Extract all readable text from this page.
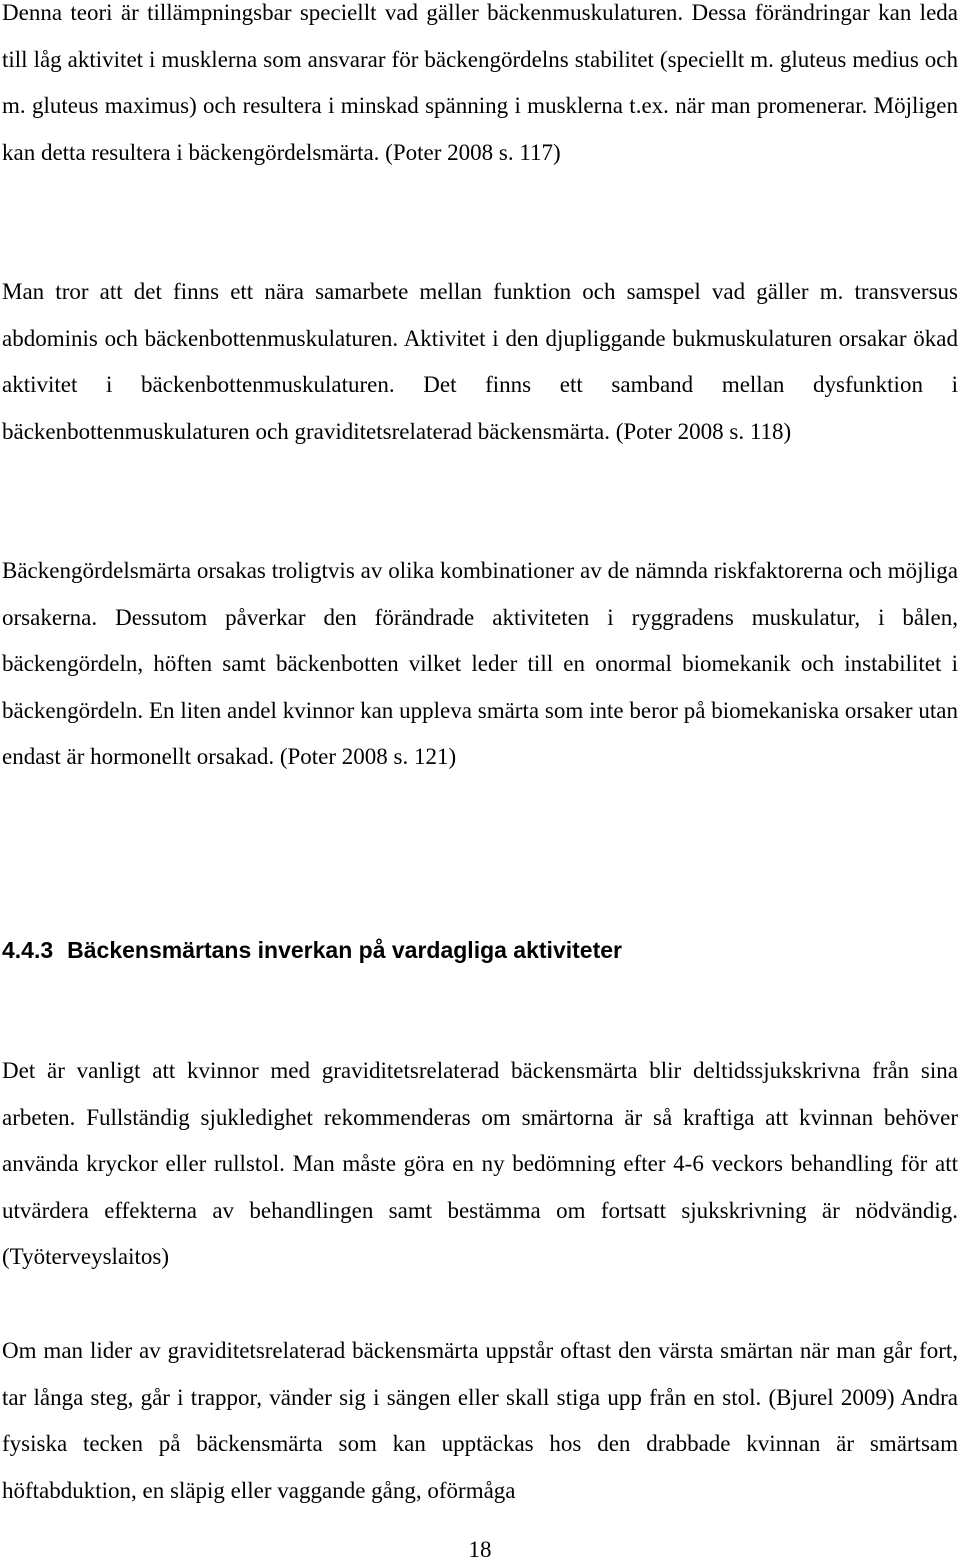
Denna teori är tillämpningsbar speciellt vad gäller bäckenmuskulaturen. Dessa förändringar kan leda till låg aktivitet i musklerna som ansvarar för bäckengördelns stabilitet (speciellt m. gluteus medius och m. gluteus maximus) och resultera i minskad spänning i musklerna t.ex. när man promenerar. Möjligen kan detta resultera i bäckengördelsmärta. (Poter 2008 s. 117)

Man tror att det finns ett nära samarbete mellan funktion och samspel vad gäller m. transversus abdominis och bäckenbottenmuskulaturen. Aktivitet i den djupliggande bukmuskulaturen orsakar ökad aktivitet i bäckenbottenmuskulaturen. Det finns ett samband mellan dysfunktion i bäckenbottenmuskulaturen och graviditetsrelaterad bäckensmärta. (Poter 2008 s. 118)

Bäckengördelsmärta orsakas troligtvis av olika kombinationer av de nämnda riskfaktorerna och möjliga orsakerna. Dessutom påverkar den förändrade aktiviteten i ryggradens muskulatur, i bålen, bäckengördeln, höften samt bäckenbotten vilket leder till en onormal biomekanik och instabilitet i bäckengördeln. En liten andel kvinnor kan uppleva smärta som inte beror på biomekaniska orsaker utan endast är hormonellt orsakad. (Poter 2008 s. 121)

4.4.3 Bäckensmärtans inverkan på vardagliga aktiviteter

Det är vanligt att kvinnor med graviditetsrelaterad bäckensmärta blir deltidssjukskrivna från sina arbeten. Fullständig sjukledighet rekommenderas om smärtorna är så kraftiga att kvinnan behöver använda kryckor eller rullstol. Man måste göra en ny bedömning efter 4-6 veckors behandling för att utvärdera effekterna av behandlingen samt bestämma om fortsatt sjukskrivning är nödvändig. (Työterveyslaitos)

Om man lider av graviditetsrelaterad bäckensmärta uppstår oftast den värsta smärtan när man går fort, tar långa steg, går i trappor, vänder sig i sängen eller skall stiga upp från en stol. (Bjurel 2009) Andra fysiska tecken på bäckensmärta som kan upptäckas hos den drabbade kvinnan är smärtsam höftabduktion, en släpig eller vaggande gång, oförmåga

18
